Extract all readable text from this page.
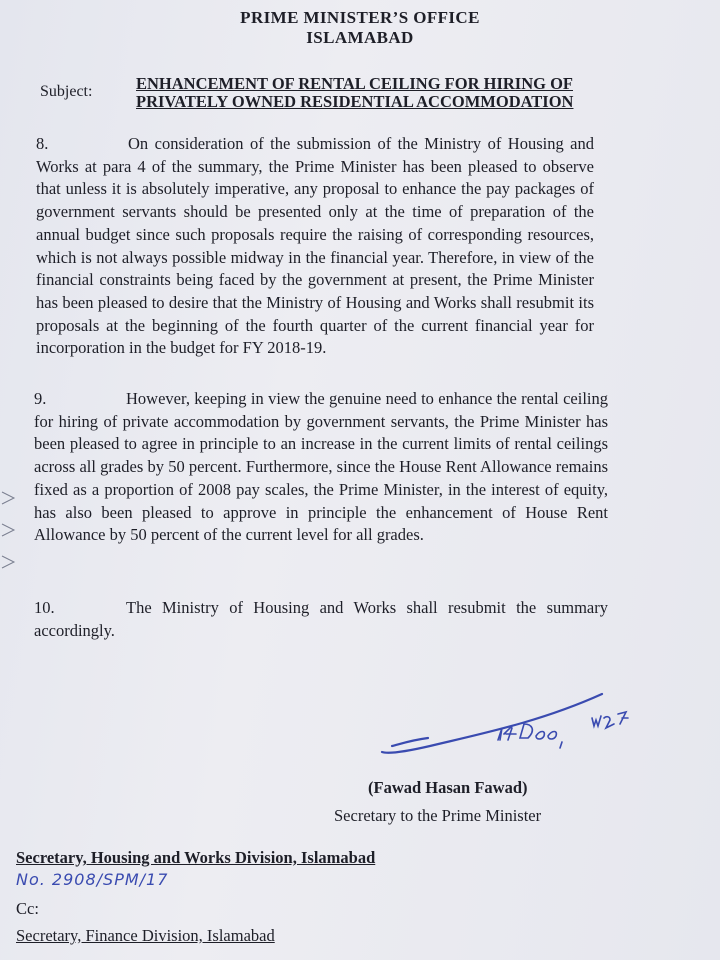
PRIME MINISTER’S OFFICE
ISLAMABAD
Subject:	ENHANCEMENT OF RENTAL CEILING FOR HIRING OF PRIVATELY OWNED RESIDENTIAL ACCOMMODATION
8.	On consideration of the submission of the Ministry of Housing and Works at para 4 of the summary, the Prime Minister has been pleased to observe that unless it is absolutely imperative, any proposal to enhance the pay packages of government servants should be presented only at the time of preparation of the annual budget since such proposals require the raising of corresponding resources, which is not always possible midway in the financial year. Therefore, in view of the financial constraints being faced by the government at present, the Prime Minister has been pleased to desire that the Ministry of Housing and Works shall resubmit its proposals at the beginning of the fourth quarter of the current financial year for incorporation in the budget for FY 2018-19.
9.	However, keeping in view the genuine need to enhance the rental ceiling for hiring of private accommodation by government servants, the Prime Minister has been pleased to agree in principle to an increase in the current limits of rental ceilings across all grades by 50 percent. Furthermore, since the House Rent Allowance remains fixed as a proportion of 2008 pay scales, the Prime Minister, in the interest of equity, has also been pleased to approve in principle the enhancement of House Rent Allowance by 50 percent of the current level for all grades.
10.	The Ministry of Housing and Works shall resubmit the summary accordingly.
(Fawad Hasan Fawad)
Secretary to the Prime Minister
Secretary, Housing and Works Division, Islamabad
No. 2908/SPM/17
Cc:
Secretary, Finance Division, Islamabad
